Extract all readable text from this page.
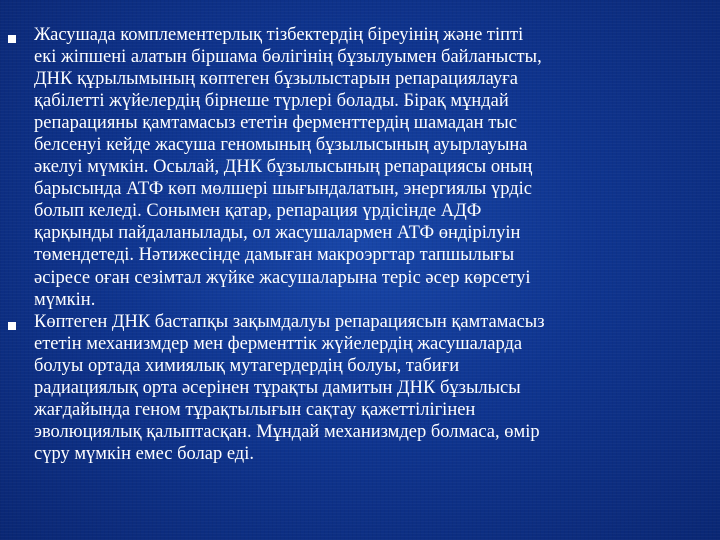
Жасушада комплементерлық тізбектердің біреуінің және тіпті
екі жіпшені алатын біршама бөлігінің бұзылуымен байланысты,
ДНК құрылымының көптеген бұзылыстарын репарациялауға
қабілетті жүйелердің бірнеше түрлері болады. Бірақ мұндай
репарацияны қамтамасыз ететін ферменттердің шамадан тыс
белсенуі кейде жасуша геномының бұзылысының ауырлауына
әкелуі мүмкін. Осылай, ДНК бұзылысының репарациясы оның
барысында АТФ көп мөлшері шығындалатын, энергиялы үрдіс
болып келеді. Сонымен қатар, репарация үрдісінде АДФ
қарқынды пайдаланылады, ол жасушалармен АТФ өндірілуін
төмендетеді. Нәтижесінде дамыған макроэргтар тапшылығы
әсіресе оған сезімтал жүйке жасушаларына теріс әсер көрсетуі
мүмкін.
Көптеген ДНК бастапқы зақымдалуы репарациясын қамтамасыз
ететін механизмдер мен ферменттік жүйелердің жасушаларда
болуы ортада химиялық мутагердердің болуы, табиғи
радиациялық орта әсерінен тұрақты дамитын ДНК бұзылысы
жағдайында геном тұрақтылығын сақтау қажеттілігінен
эволюциялық қалыптасқан. Мұндай механизмдер болмаса, өмір
сүру мүмкін емес болар еді.
